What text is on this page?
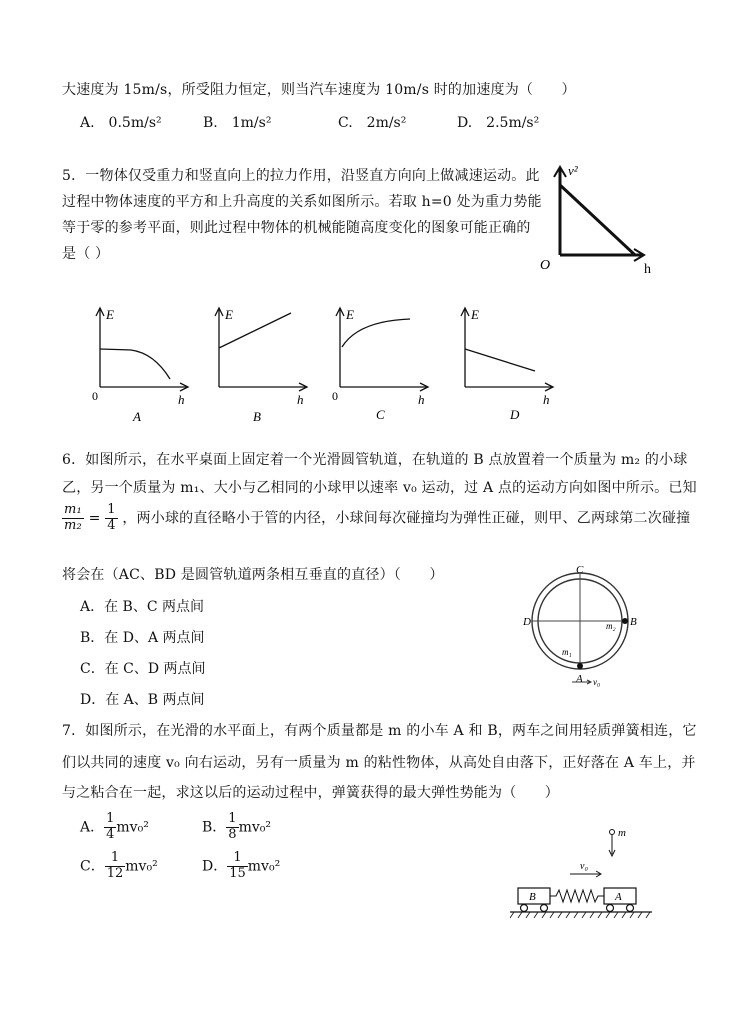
大速度为 15m/s，所受阻力恒定，则当汽车速度为 10m/s 时的加速度为（　　）
A.　0.5m/s²	B.　1m/s²	C.　2m/s²	D.　2.5m/s²
5．一物体仅受重力和竖直向上的拉力作用，沿竖直方向向上做减速运动。此
过程中物体速度的平方和上升高度的关系如图所示。若取 h=0 处为重力势能
等于零的参考平面，则此过程中物体的机械能随高度变化的图象可能正确的
是（ ）
v²
h
O
E
0	h
A
E
h
B
E
0	h
C
E
h
D
6．如图所示，在水平桌面上固定着一个光滑圆管轨道，在轨道的 B 点放置着一个质量为 m₂ 的小球
乙，另一个质量为 m₁、大小与乙相同的小球甲以速率 v₀ 运动，过 A 点的运动方向如图中所示。已知
$\frac{\text{m₁}}{\text{m₂}} = \frac{1}{4}$ ，两小球的直径略小于管的内径，小球间每次碰撞均为弹性正碰，则甲、乙两球第二次碰撞
将会在（AC、BD 是圆管轨道两条相互垂直的直径）（　　）
A．在 B、C 两点间
B．在 D、A 两点间
C．在 C、D 两点间
D．在 A、B 两点间
C
D	B
A
m₁
m₂
v₀
7．如图所示，在光滑的水平面上，有两个质量都是 m 的小车 A 和 B，两车之间用轻质弹簧相连，它
们以共同的速度 v₀ 向右运动，另有一质量为 m 的粘性物体，从高处自由落下，正好落在 A 车上，并
与之粘合在一起，求这以后的运动过程中，弹簧获得的最大弹性势能为（　　）
A． $\frac{1}{4} mv_0^2$	B． $\frac{1}{8} mv_0^2$
C． $\frac{1}{12} mv_0^2$	D． $\frac{1}{15} mv_0^2$
m
v₀
B	A
